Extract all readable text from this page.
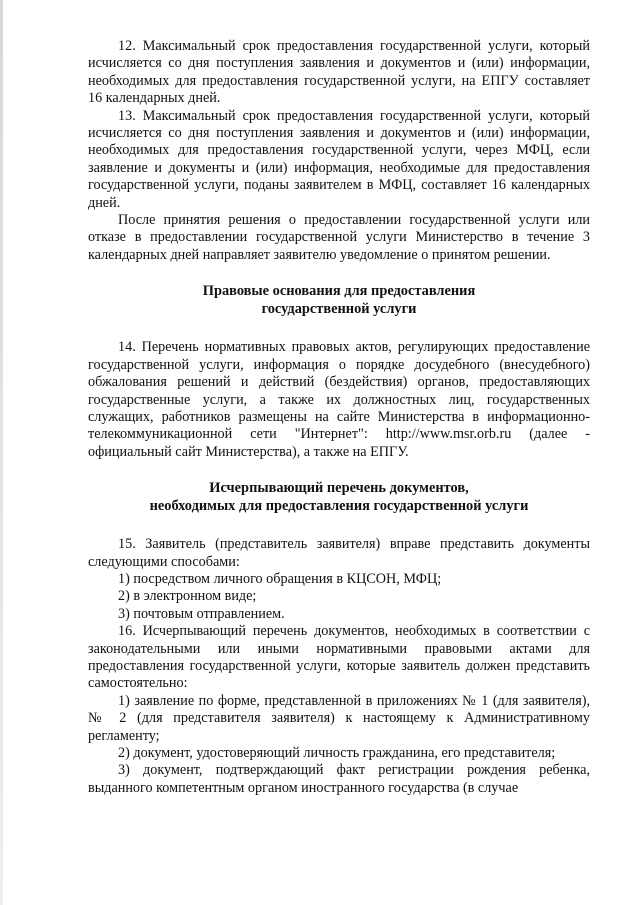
12. Максимальный срок предоставления государственной услуги, который исчисляется со дня поступления заявления и документов и (или) информации, необходимых для предоставления государственной услуги, на ЕПГУ составляет 16 календарных дней.

13. Максимальный срок предоставления государственной услуги, который исчисляется со дня поступления заявления и документов и (или) информации, необходимых для предоставления государственной услуги, через МФЦ, если заявление и документы и (или) информация, необходимые для предоставления государственной услуги, поданы заявителем в МФЦ, составляет 16 календарных дней.

После принятия решения о предоставлении государственной услуги или отказе в предоставлении государственной услуги Министерство в течение 3 календарных дней направляет заявителю уведомление о принятом решении.

Правовые основания для предоставления
государственной услуги

14. Перечень нормативных правовых актов, регулирующих предоставление государственной услуги, информация о порядке досудебного (внесудебного) обжалования решений и действий (бездействия) органов, предоставляющих государственные услуги, а также их должностных лиц, государственных служащих, работников размещены на сайте Министерства в информационно-телекоммуникационной сети "Интернет": http://www.msr.orb.ru (далее - официальный сайт Министерства), а также на ЕПГУ.

Исчерпывающий перечень документов,
необходимых для предоставления государственной услуги

15. Заявитель (представитель заявителя) вправе представить документы следующими способами:

1) посредством личного обращения в КЦСОН, МФЦ;

2) в электронном виде;

3) почтовым отправлением.

16. Исчерпывающий перечень документов, необходимых в соответствии с законодательными или иными нормативными правовыми актами для предоставления государственной услуги, которые заявитель должен представить самостоятельно:

1) заявление по форме, представленной в приложениях № 1 (для заявителя), № 2 (для представителя заявителя) к настоящему к Административному регламенту;

2) документ, удостоверяющий личность гражданина, его представителя;

3) документ, подтверждающий факт регистрации рождения ребенка, выданного компетентным органом иностранного государства (в случае
